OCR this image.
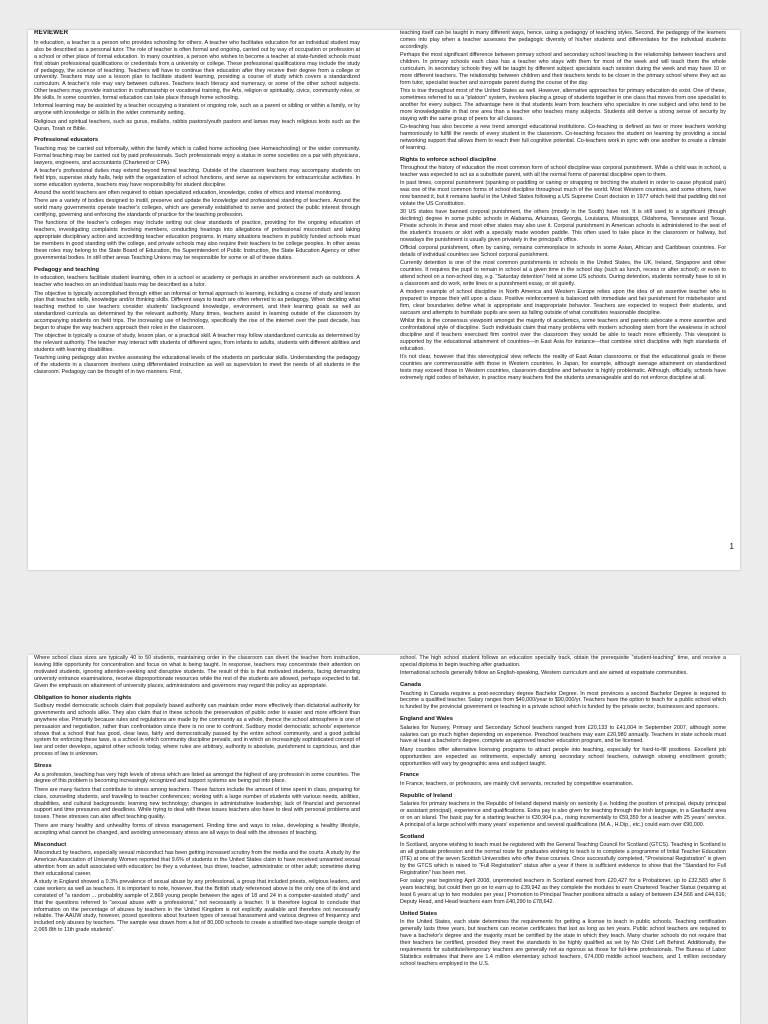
REVIEWER

In education, a teacher is a person who provides schooling for others. A teacher who facilitates education for an individual student may also be described as a personal tutor. The role of teacher is often formal and ongoing, carried out by way of occupation or profession at a school or other place of formal education. In many countries, a person who wishes to become a teacher at state-funded schools must first obtain professional qualifications or credentials from a university or college. These professional qualifications may include the study of pedagogy, the science of teaching. Teachers will have to continue their education after they receive their degree from a college or university. Teachers may use a lesson plan to facilitate student learning, providing a course of study which covers a standardized curriculum. A teacher's role may vary between cultures. Teachers teach literacy and numeracy, or some of the other school subjects. Other teachers may provide instruction in craftsmanship or vocational training, the Arts, religion or spirituality, civics, community roles, or life skills. In some countries, formal education can take place through home schooling.

Informal learning may be assisted by a teacher occupying a transient or ongoing role, such as a parent or sibling or within a family, or by anyone with knowledge or skills in the wider community setting.

Religious and spiritual teachers, such as gurus, mullahs, rabbis pastors/youth pastors and lamas may teach religious texts such as the Quran, Torah or Bible.

Professional educators

Teaching may be carried out informally, within the family which is called home schooling (see Homeschooling) or the wider community. Formal teaching may be carried out by paid professionals. Such professionals enjoy a status in some societies on a par with physicians, lawyers, engineers, and accountants (Chartered or CPA).

A teacher's professional duties may extend beyond formal teaching. Outside of the classroom teachers may accompany students on field trips, supervise study halls, help with the organization of school functions, and serve as supervisors for extracurricular activities. In some education systems, teachers may have responsibility for student discipline.

Around the world teachers are often required to obtain specialized education, knowledge, codes of ethics and internal monitoring.

There are a variety of bodies designed to instill, preserve and update the knowledge and professional standing of teachers. Around the world many governments operate teacher's colleges, which are generally established to serve and protect the public interest through certifying, governing and enforcing the standards of practice for the teaching profession.

The functions of the teacher's colleges may include setting out clear standards of practice, providing for the ongoing education of teachers, investigating complaints involving members, conducting hearings into allegations of professional misconduct and taking appropriate disciplinary action and accrediting teacher education programs. In many situations teachers in publicly funded schools must be members in good standing with the college, and private schools may also require their teachers to be college peoples. In other areas these roles may belong to the State Board of Education, the Superintendent of Public Instruction, the State Education Agency or other governmental bodies. In still other areas Teaching Unions may be responsible for some or all of these duties.

Pedagogy and teaching

In education, teachers facilitate student learning, often in a school or academy or perhaps in another environment such as outdoors. A teacher who teaches on an individual basis may be described as a tutor.

The objective is typically accomplished through either an informal or formal approach to learning, including a course of study and lesson plan that teaches skills, knowledge and/or thinking skills. Different ways to teach are often referred to as pedagogy. When deciding what teaching method to use teachers consider students' background knowledge, environment, and their learning goals as well as standardized curricula as determined by the relevant authority. Many times, teachers assist in learning outside of the classroom by accompanying students on field trips. The increasing use of technology, specifically the rise of the internet over the past decade, has begun to shape the way teachers approach their roles in the classroom.

The objective is typically a course of study, lesson plan, or a practical skill. A teacher may follow standardized curricula as determined by the relevant authority. The teacher may interact with students of different ages, from infants to adults, students with different abilities and students with learning disabilities.

Teaching using pedagogy also involve assessing the educational levels of the students on particular skills. Understanding the pedagogy of the students in a classroom involves using differentiated instruction as well as supervision to meet the needs of all students in the classroom. Pedagogy can be thought of in two manners. First,

teaching itself can be taught in many different ways, hence, using a pedagogy of teaching styles. Second, the pedagogy of the learners comes into play when a teacher assesses the pedagogic diversity of his/her students and differentiates for the individual students accordingly.

Perhaps the most significant difference between primary school and secondary school teaching is the relationship between teachers and children. In primary schools each class has a teacher who stays with them for most of the week and will teach them the whole curriculum. In secondary schools they will be taught by different subject specialists each session during the week and may have 10 or more different teachers. The relationship between children and their teachers tends to be closer in the primary school where they act as form tutor, specialist teacher and surrogate parent during the course of the day.

This is true throughout most of the United States as well. However, alternative approaches for primary education do exist. One of these, sometimes referred to as a "platoon" system, involves placing a group of students together in one class that moves from one specialist to another for every subject. The advantage here is that students learn from teachers who specialize in one subject and who tend to be more knowledgeable in that one area than a teacher who teaches many subjects. Students still derive a strong sense of security by staying with the same group of peers for all classes.

Co-teaching has also become a new trend amongst educational institutions. Co-teaching is defined as two or more teachers working harmoniously to fulfill the needs of every student in the classroom. Co-teaching focuses the student on learning by providing a social networking support that allows them to reach their full cognitive potential. Co-teachers work in sync with one another to create a climate of learning.

Rights to enforce school discipline

Throughout the history of education the most common form of school discipline was corporal punishment. While a child was in school, a teacher was expected to act as a substitute parent, with all the normal forms of parental discipline open to them.

In past times, corporal punishment (spanking or paddling or caning or strapping or birching the student in order to cause physical pain) was one of the most common forms of school discipline throughout much of the world. Most Western countries, and some others, have now banned it, but it remains lawful in the United States following a US Supreme Court decision in 1977 which held that paddling did not violate the US Constitution.

30 US states have banned corporal punishment, the others (mostly in the South) have not. It is still used to a significant (though declining) degree in some public schools in Alabama, Arkansas, Georgia, Louisiana, Mississippi, Oklahoma, Tennessee and Texas. Private schools in these and most other states may also use it. Corporal punishment in American schools is administered to the seat of the student's trousers or skirt with a specially made wooden paddle. This often used to take place in the classroom or hallway, but nowadays the punishment is usually given privately in the principal's office.

Official corporal punishment, often by caning, remains commonplace in schools in some Asian, African and Caribbean countries. For details of individual countries see School corporal punishment.

Currently detention is one of the most common punishments in schools in the United States, the UK, Ireland, Singapore and other countries. It requires the pupil to remain in school at a given time in the school day (such as lunch, recess or after school); or even to attend school on a non-school day, e.g. "Saturday detention" held at some US schools. During detention, students normally have to sit in a classroom and do work, write lines or a punishment essay, or sit quietly.

A modern example of school discipline in North America and Western Europe relies upon the idea of an assertive teacher who is prepared to impose their will upon a class. Positive reinforcement is balanced with immediate and fair punishment for misbehavior and firm, clear boundaries define what is appropriate and inappropriate behavior. Teachers are expected to respect their students, and sarcasm and attempts to humiliate pupils are seen as falling outside of what constitutes reasonable discipline.

Whilst this is the consensus viewpoint amongst the majority of academics, some teachers and parents advocate a more assertive and confrontational style of discipline. Such individuals claim that many problems with modern schooling stem from the weakness in school discipline and if teachers exercised firm control over the classroom they would be able to teach more efficiently. This viewpoint is supported by the educational attainment of countries—in East Asia for instance—that combine strict discipline with high standards of education.

It's not clear, however that this stereotypical view reflects the reality of East Asian classrooms or that the educational goals in these countries are commensurable with those in Western countries. In Japan, for example, although average attainment on standardized tests may exceed those in Western countries, classroom discipline and behavior is highly problematic. Although, officially, schools have extremely rigid codes of behavior, in practice many teachers find the students unmanageable and do not enforce discipline at all.

1

Where school class sizes are typically 40 to 50 students, maintaining order in the classroom can divert the teacher from instruction, leaving little opportunity for concentration and focus on what is being taught. In response, teachers may concentrate their attention on motivated students, ignoring attention-seeking and disruptive students. The result of this is that motivated students, facing demanding university entrance examinations, receive disproportionate resources while the rest of the students are allowed, perhaps expected to fail. Given the emphasis on attainment of university places, administrators and governors may regard this policy as appropriate.

Obligation to honor students rights

Sudbury model democratic schools claim that popularly based authority can maintain order more effectively than dictatorial authority for governments and schools alike. They also claim that in these schools the preservation of public order is easier and more efficient than anywhere else. Primarily because rules and regulations are made by the community as a whole, thence the school atmosphere is one of persuasion and negotiation, rather than confrontation since there is no one to confront. Sudbury model democratic schools' experience shows that a school that has good, clear laws, fairly and democratically passed by the entire school community, and a good judicial system for enforcing these laws, is a school in which community discipline prevails, and in which an increasingly sophisticated concept of law and order develops, against other schools today, where rules are arbitrary, authority is absolute, punishment is capricious, and due process of law is unknown.

Stress

As a profession, teaching has very high levels of stress which are listed as amongst the highest of any profession in some countries. The degree of this problem is becoming increasingly recognized and support systems are being put into place.

There are many factors that contribute to stress among teachers. These factors include the amount of time spent in class, preparing for class, counseling students, and traveling to teacher conferences; working with a large number of students with various needs, abilities, disabilities, and cultural backgrounds; learning new technology; changes in administrative leadership; lack of financial and personnel support and time pressures and deadlines. While trying to deal with these issues teachers also have to deal with personal problems and issues. These stresses can also affect teaching quality.

There are many healthy and unhealthy forms of stress management. Finding time and ways to relax, developing a healthy lifestyle, accepting what cannot be changed, and avoiding unnecessary stress are all ways to deal with the stresses of teaching.

Misconduct

Misconduct by teachers, especially sexual misconduct has been getting increased scrutiny from the media and the courts. A study by the American Association of University Women reported that 9.6% of students in the United States claim to have received unwanted sexual attention from an adult associated with education; be they a volunteer, bus driver, teacher, administrator or other adult; sometime during their educational career.

A study in England showed a 0.3% prevalence of sexual abuse by any professional, a group that included priests, religious leaders, and case workers as well as teachers. It is important to note, however, that the British study referenced above is the only one of its kind and consisted of "a random ... probability sample of 2,869 young people between the ages of 18 and 24 in a computer-assisted study" and that the questions referred to "sexual abuse with a professional," not necessarily a teacher. It is therefore logical to conclude that information on the percentage of abuses by teachers in the United Kingdom is not explicitly available and therefore not necessarily reliable. The AAUW study, however, posed questions about fourteen types of sexual harassment and various degrees of frequency and included only abuses by teachers. "The sample was drawn from a list of 80,000 schools to create a stratified two-stage sample design of 2,065 8th to 11th grade students".

school. The high school student follows an education specialty track, obtain the prerequisite "student-teaching" time, and receive a special diploma to begin teaching after graduation.

International schools generally follow an English-speaking, Western curriculum and are aimed at expatriate communities.

Canada

Teaching in Canada requires a post-secondary degree Bachelor Degree. In most provinces a second Bachelor Degree is required to become a qualified teacher. Salary ranges from $40,000/year to $90,000/yr. Teachers have the option to teach for a public school which is funded by the provincial government or teaching in a private school which is funded by the private sector, businesses and sponsors.

England and Wales

Salaries for Nursery, Primary and Secondary School teachers ranged from £20,133 to £41,004 in September 2007, although some salaries can go much higher depending on experience. Preschool teachers may earn £20,980 annually. Teachers in state schools must have at least a bachelor's degree, complete an approved teacher education program, and be licensed.

Many counties offer alternative licensing programs to attract people into teaching, especially for hard-to-fill positions. Excellent job opportunities are expected as retirements, especially among secondary school teachers, outweigh slowing enrollment growth; opportunities will vary by geographic area and subject taught.

France

In France, teachers, or professors, are mainly civil servants, recruited by competitive examination.

Republic of Ireland

Salaries for primary teachers in the Republic of Ireland depend mainly on seniority (i.e. holding the position of principal, deputy principal or assistant principal), experience and qualifications. Extra pay is also given for teaching through the Irish language, in a Gaeltacht area or on an island. The basic pay for a starting teacher is €30,904 p.a., rising incrementally to €59,359 for a teacher with 25 years' service. A principal of a large school with many years' experience and several qualifications (M.A., H.Dip., etc.) could earn over €90,000.

Scotland

In Scotland, anyone wishing to teach must be registered with the General Teaching Council for Scotland (GTCS). Teaching in Scotland is an all graduate profession and the normal route for graduates wishing to teach is to complete a programme of Initial Teacher Education (ITE) at one of the seven Scottish Universities who offer these courses. Once successfully completed, "Provisional Registration" is given by the GTCS which is raised to "Full Registration" status after a year if there is sufficient evidence to show that the "Standard for Full Registration" has been met.

For salary year beginning April 2008, unpromoted teachers in Scotland earned from £20,427 for a Probationer, up to £32,583 after 6 years teaching, but could then go on to earn up to £39,942 as they complete the modules to earn Chartered Teacher Status (requiring at least 6 years at up to two modules per year.) Promotion to Principal Teacher positions attracts a salary of between £34,566 and £44,616; Deputy Head, and Head teachers earn from £40,290 to £78,642.

United States

In the United States, each state determines the requirements for getting a license to teach in public schools. Teaching certification generally lasts three years, but teachers can receive certificates that last as long as ten years. Public school teachers are required to have a bachelor's degree and the majority must be certified by the state in which they teach. Many charter schools do not require that their teachers be certified, provided they meet the standards to be highly qualified as set by No Child Left Behind. Additionally, the requirements for substitute/temporary teachers are generally not as rigorous as those for full-time professionals. The Bureau of Labor Statistics estimates that there are 1.4 million elementary school teachers, 674,000 middle school teachers, and 1 million secondary school teachers employed in the U.S.
